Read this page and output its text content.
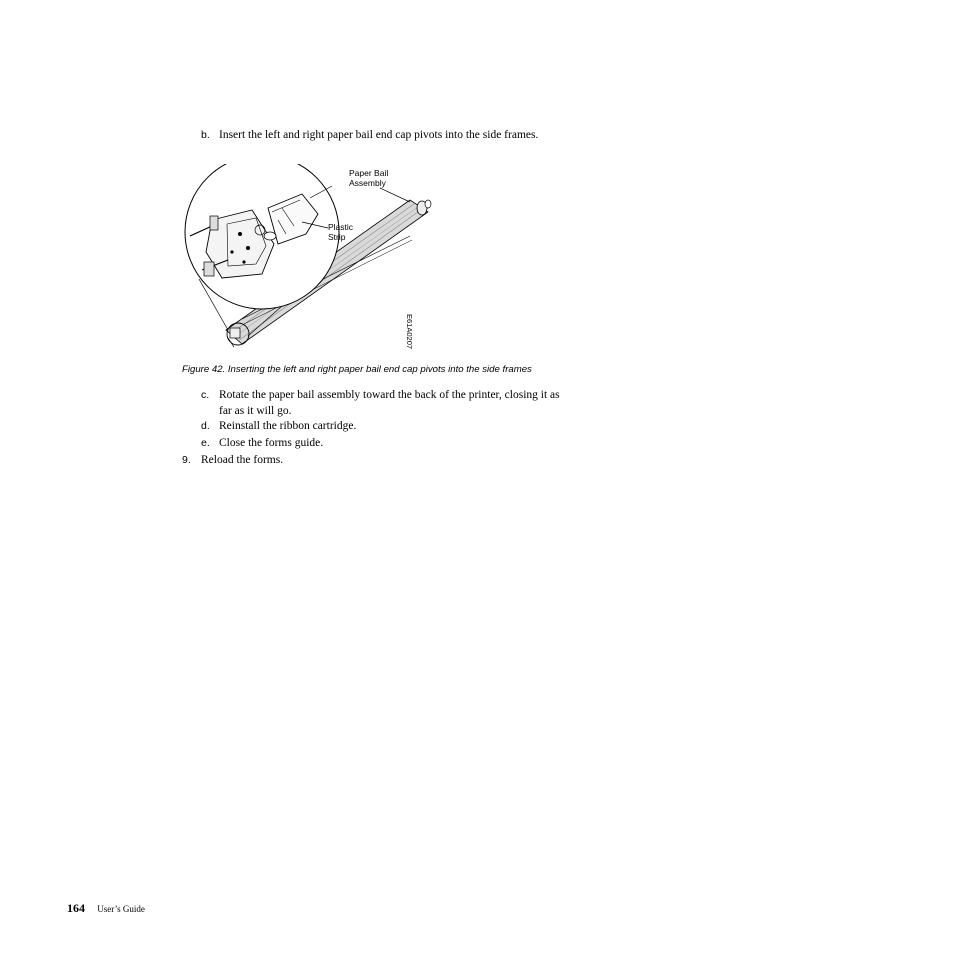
b. Insert the left and right paper bail end cap pivots into the side frames.
Paper Bail
Assembly
Plastic
Strip
E61A0207
Figure 42. Inserting the left and right paper bail end cap pivots into the side frames
c. Rotate the paper bail assembly toward the back of the printer, closing it as
far as it will go.
d. Reinstall the ribbon cartridge.
e. Close the forms guide.
9. Reload the forms.
164 User’s Guide
